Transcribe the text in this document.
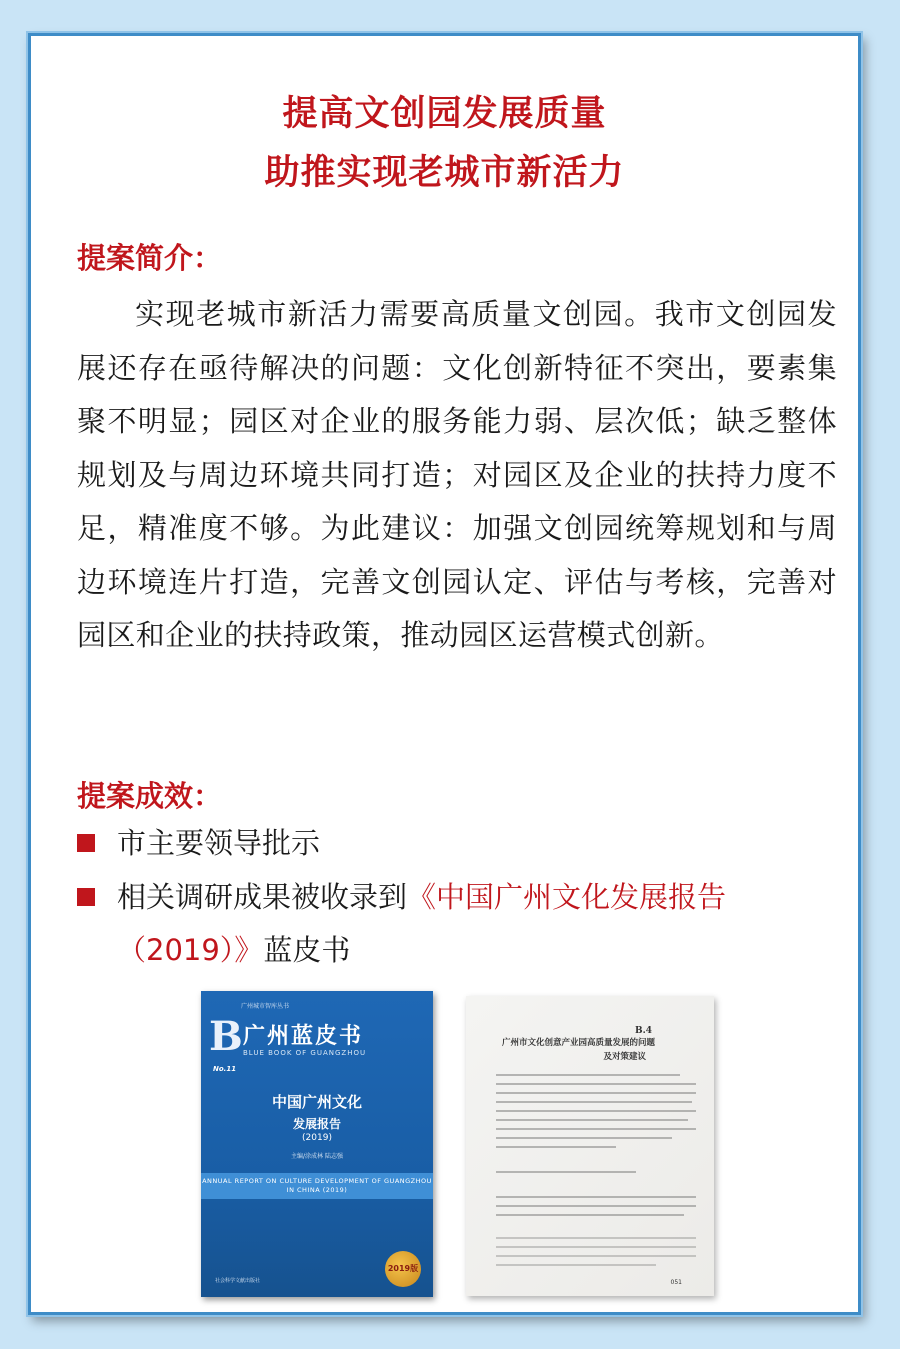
提高文创园发展质量
助推实现老城市新活力
提案简介：
实现老城市新活力需要高质量文创园。我市文创园发展还存在亟待解决的问题：文化创新特征不突出，要素集聚不明显；园区对企业的服务能力弱、层次低；缺乏整体规划及与周边环境共同打造；对园区及企业的扶持力度不足，精准度不够。为此建议：加强文创园统筹规划和与周边环境连片打造，完善文创园认定、评估与考核，完善对园区和企业的扶持政策，推动园区运营模式创新。
提案成效：
市主要领导批示
相关调研成果被收录到《中国广州文化发展报告（2019）》蓝皮书
广州城市智库丛书
B 广州蓝皮书
BLUE BOOK OF GUANGZHOU
No.11
中国广州文化
发展报告
(2019)
主编/涂成林 陆志强
ANNUAL REPORT ON CULTURE DEVELOPMENT OF GUANGZHOU IN CHINA (2019)
社会科学文献出版社
2019版
B.4
广州市文化创意产业园高质量发展的问题
及对策建议
051
